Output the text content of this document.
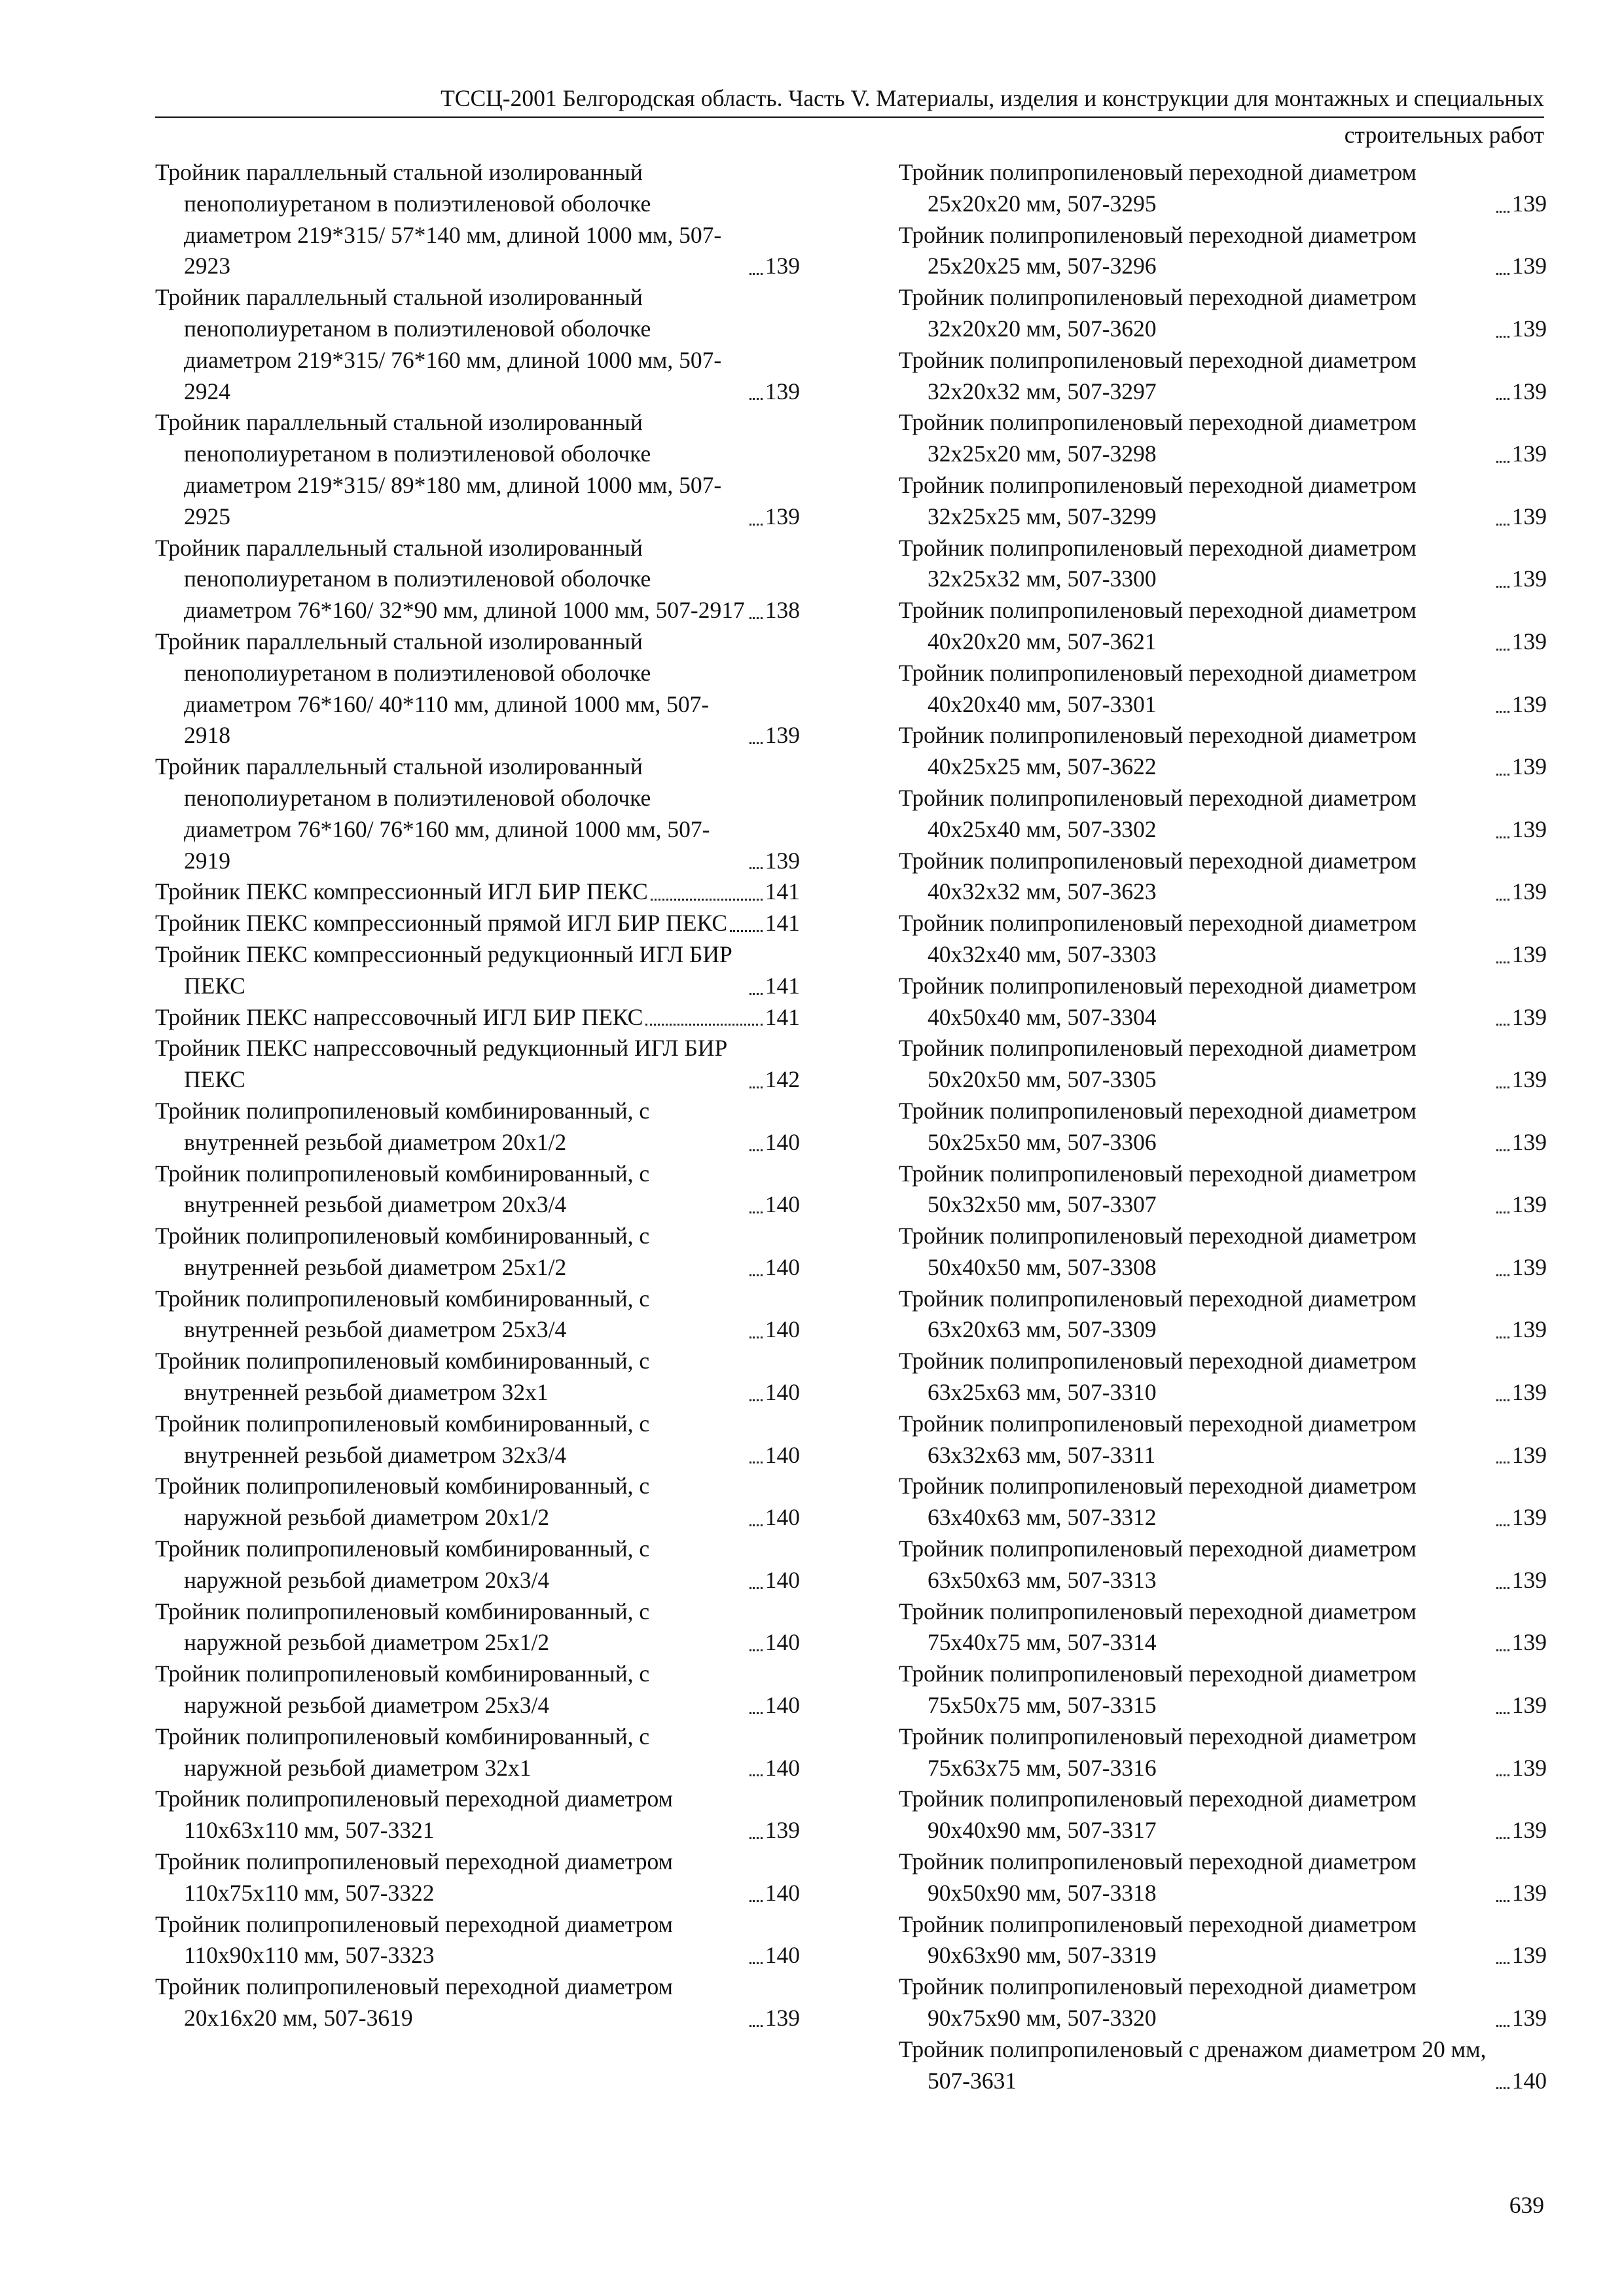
ТССЦ-2001 Белгородская область. Часть V. Материалы, изделия и конструкции для монтажных и специальных
строительных работ
Тройник параллельный стальной изолированный пенополиуретаном в полиэтиленовой оболочке диаметром 219*315/ 57*140 мм, длиной 1000 мм, 507-2923	139
Тройник параллельный стальной изолированный пенополиуретаном в полиэтиленовой оболочке диаметром 219*315/ 76*160 мм, длиной 1000 мм, 507-2924	139
Тройник параллельный стальной изолированный пенополиуретаном в полиэтиленовой оболочке диаметром 219*315/ 89*180 мм, длиной 1000 мм, 507-2925	139
Тройник параллельный стальной изолированный пенополиуретаном в полиэтиленовой оболочке диаметром 76*160/ 32*90 мм, длиной 1000 мм, 507-2917 138
Тройник параллельный стальной изолированный пенополиуретаном в полиэтиленовой оболочке диаметром 76*160/ 40*110 мм, длиной 1000 мм, 507-2918	139
Тройник параллельный стальной изолированный пенополиуретаном в полиэтиленовой оболочке диаметром 76*160/ 76*160 мм, длиной 1000 мм, 507-2919	139
Тройник ПЕКС компрессионный ИГЛ БИР ПЕКС	141
Тройник ПЕКС компрессионный прямой ИГЛ БИР ПЕКС 141
Тройник ПЕКС компрессионный редукционный ИГЛ БИР ПЕКС	141
Тройник ПЕКС напрессовочный ИГЛ БИР ПЕКС	141
Тройник ПЕКС напрессовочный редукционный ИГЛ БИР ПЕКС	142
Тройник полипропиленовый комбинированный, с внутренней резьбой диаметром 20х1/2	140
Тройник полипропиленовый комбинированный, с внутренней резьбой диаметром 20х3/4	140
Тройник полипропиленовый комбинированный, с внутренней резьбой диаметром 25х1/2	140
Тройник полипропиленовый комбинированный, с внутренней резьбой диаметром 25х3/4	140
Тройник полипропиленовый комбинированный, с внутренней резьбой диаметром 32х1	140
Тройник полипропиленовый комбинированный, с внутренней резьбой диаметром 32х3/4	140
Тройник полипропиленовый комбинированный, с наружной резьбой диаметром 20х1/2	140
Тройник полипропиленовый комбинированный, с наружной резьбой диаметром 20х3/4	140
Тройник полипропиленовый комбинированный, с наружной резьбой диаметром 25х1/2	140
Тройник полипропиленовый комбинированный, с наружной резьбой диаметром 25х3/4	140
Тройник полипропиленовый комбинированный, с наружной резьбой диаметром 32х1	140
Тройник полипропиленовый переходной диаметром 110х63х110 мм, 507-3321	139
Тройник полипропиленовый переходной диаметром 110х75х110 мм, 507-3322	140
Тройник полипропиленовый переходной диаметром 110х90х110 мм, 507-3323	140
Тройник полипропиленовый переходной диаметром 20х16х20 мм, 507-3619	139
Тройник полипропиленовый переходной диаметром 25х20х20 мм, 507-3295	139
Тройник полипропиленовый переходной диаметром 25х20х25 мм, 507-3296	139
Тройник полипропиленовый переходной диаметром 32х20х20 мм, 507-3620	139
Тройник полипропиленовый переходной диаметром 32х20х32 мм, 507-3297	139
Тройник полипропиленовый переходной диаметром 32х25х20 мм, 507-3298	139
Тройник полипропиленовый переходной диаметром 32х25х25 мм, 507-3299	139
Тройник полипропиленовый переходной диаметром 32х25х32 мм, 507-3300	139
Тройник полипропиленовый переходной диаметром 40х20х20 мм, 507-3621	139
Тройник полипропиленовый переходной диаметром 40х20х40 мм, 507-3301	139
Тройник полипропиленовый переходной диаметром 40х25х25 мм, 507-3622	139
Тройник полипропиленовый переходной диаметром 40х25х40 мм, 507-3302	139
Тройник полипропиленовый переходной диаметром 40х32х32 мм, 507-3623	139
Тройник полипропиленовый переходной диаметром 40х32х40 мм, 507-3303	139
Тройник полипропиленовый переходной диаметром 40х50х40 мм, 507-3304	139
Тройник полипропиленовый переходной диаметром 50х20х50 мм, 507-3305	139
Тройник полипропиленовый переходной диаметром 50х25х50 мм, 507-3306	139
Тройник полипропиленовый переходной диаметром 50х32х50 мм, 507-3307	139
Тройник полипропиленовый переходной диаметром 50х40х50 мм, 507-3308	139
Тройник полипропиленовый переходной диаметром 63х20х63 мм, 507-3309	139
Тройник полипропиленовый переходной диаметром 63х25х63 мм, 507-3310	139
Тройник полипропиленовый переходной диаметром 63х32х63 мм, 507-3311	139
Тройник полипропиленовый переходной диаметром 63х40х63 мм, 507-3312	139
Тройник полипропиленовый переходной диаметром 63х50х63 мм, 507-3313	139
Тройник полипропиленовый переходной диаметром 75х40х75 мм, 507-3314	139
Тройник полипропиленовый переходной диаметром 75х50х75 мм, 507-3315	139
Тройник полипропиленовый переходной диаметром 75х63х75 мм, 507-3316	139
Тройник полипропиленовый переходной диаметром 90х40х90 мм, 507-3317	139
Тройник полипропиленовый переходной диаметром 90х50х90 мм, 507-3318	139
Тройник полипропиленовый переходной диаметром 90х63х90 мм, 507-3319	139
Тройник полипропиленовый переходной диаметром 90х75х90 мм, 507-3320	139
Тройник полипропиленовый с дренажом диаметром 20 мм, 507-3631	140
639
